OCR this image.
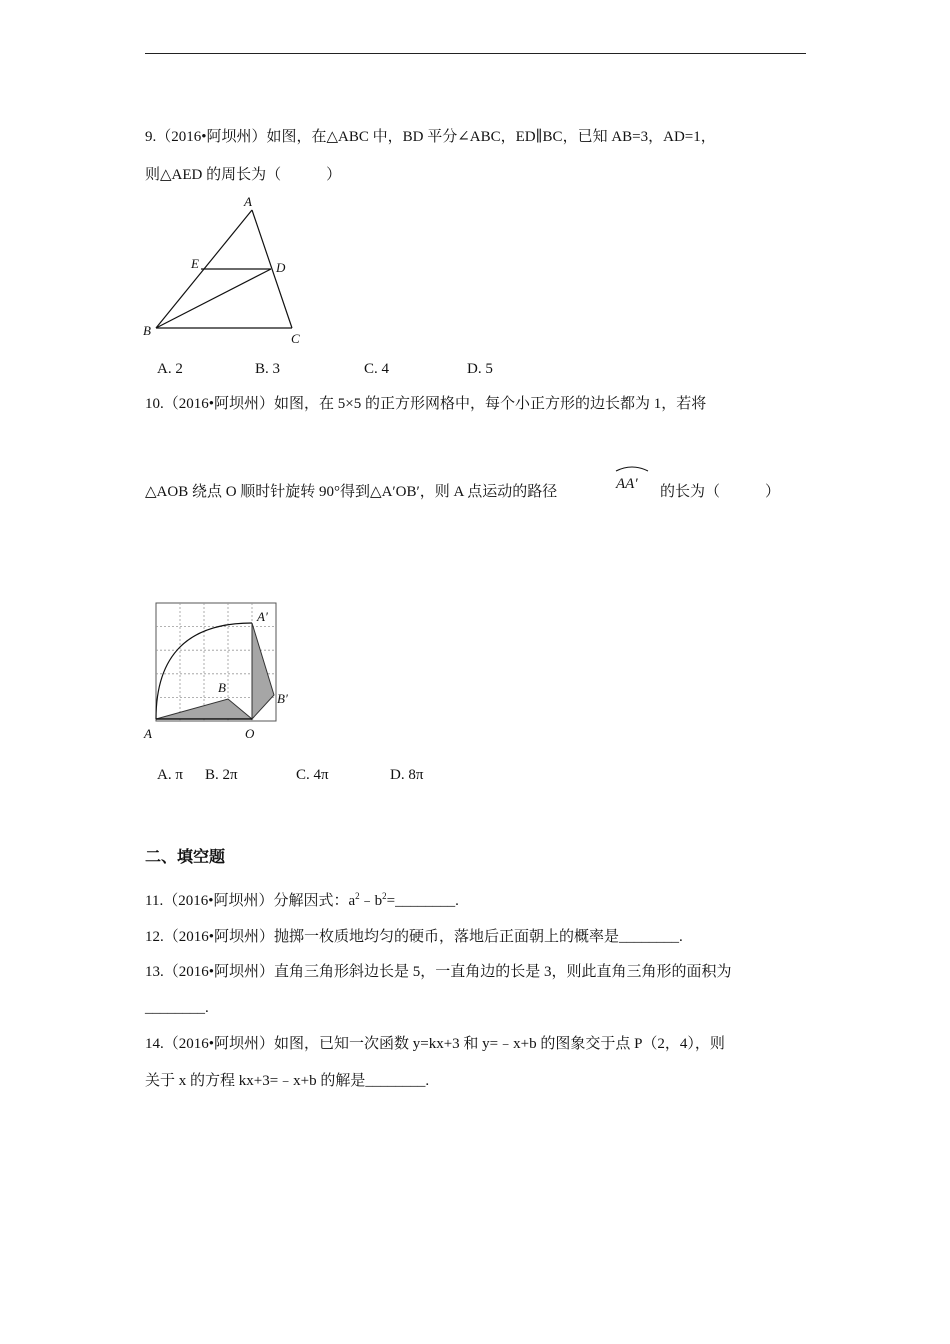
9.（2016•阿坝州）如图，在△ABC 中，BD 平分∠ABC，ED∥BC，已知 AB=3，AD=1，
则△AED 的周长为（　　　）
A
B
C
D
E
A. 2	B. 3	C. 4	D. 5
10.（2016•阿坝州）如图，在 5×5 的正方形网格中，每个小正方形的边长都为 1，若将
△AOB 绕点 O 顺时针旋转 90°得到△A′OB′，则 A 点运动的路径	AA′ 的长为（　　　）
A	O
B
A′
B′
A. π B. 2π	C. 4π	D. 8π
二、填空题
11.（2016•阿坝州）分解因式：$a^2﹣b^2=\_\_\_\_\_\_\_\_$.
12.（2016•阿坝州）抛掷一枚质地均匀的硬币，落地后正面朝上的概率是________.
13.（2016•阿坝州）直角三角形斜边长是 5，一直角边的长是 3，则此直角三角形的面积为
________.
14.（2016•阿坝州）如图，已知一次函数 y=kx+3 和 y=﹣x+b 的图象交于点 P（2，4），则
关于 x 的方程 kx+3=﹣x+b 的解是________.
